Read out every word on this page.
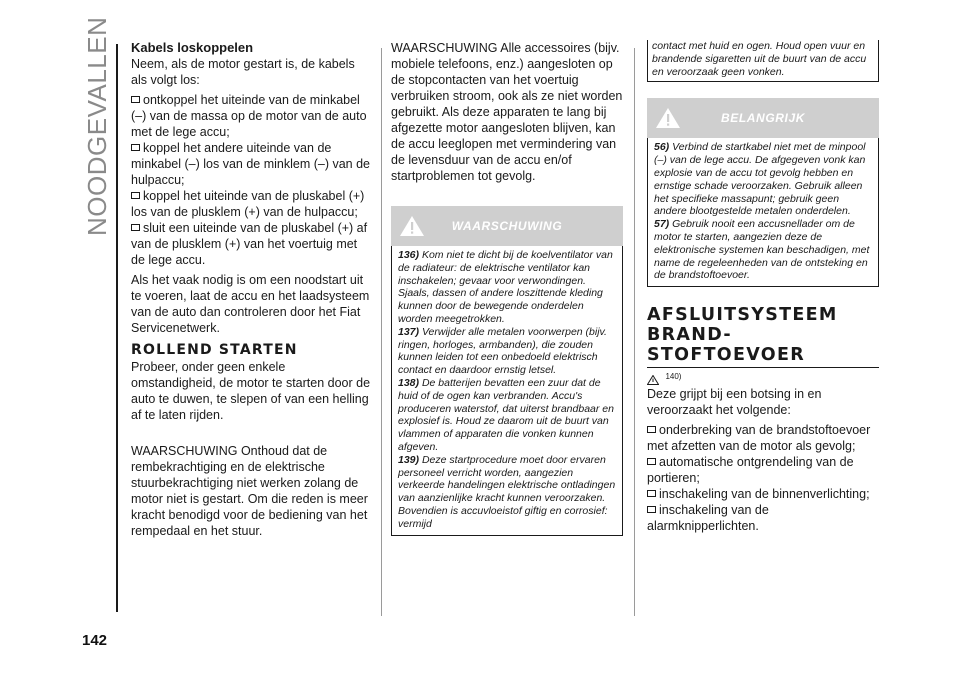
NOODGEVALLEN
142
Kabels loskoppelen
Neem, als de motor gestart is, de kabels als volgt los:
ontkoppel het uiteinde van de minkabel (–) van de massa op de motor van de auto met de lege accu;
koppel het andere uiteinde van de minkabel (–) los van de minklem (–) van de hulpaccu;
koppel het uiteinde van de pluskabel (+) los van de plusklem (+) van de hulpaccu;
sluit een uiteinde van de pluskabel (+) af van de plusklem (+) van het voertuig met de lege accu.
Als het vaak nodig is om een noodstart uit te voeren, laat de accu en het laadsysteem van de auto dan controleren door het Fiat Servicenetwerk.
ROLLEND STARTEN
Probeer, onder geen enkele omstandigheid, de motor te starten door de auto te duwen, te slepen of van een helling af te laten rijden.
WAARSCHUWING Onthoud dat de rembekrachtiging en de elektrische stuurbekrachtiging niet werken zolang de motor niet is gestart. Om die reden is meer kracht benodigd voor de bediening van het rempedaal en het stuur.
WAARSCHUWING Alle accessoires (bijv. mobiele telefoons, enz.) aangesloten op de stopcontacten van het voertuig verbruiken stroom, ook als ze niet worden gebruikt. Als deze apparaten te lang bij afgezette motor aangesloten blijven, kan de accu leeglopen met vermindering van de levensduur van de accu en/of startproblemen tot gevolg.
WAARSCHUWING
136) Kom niet te dicht bij de koelventilator van de radiateur: de elektrische ventilator kan inschakelen; gevaar voor verwondingen. Sjaals, dassen of andere loszittende kleding kunnen door de bewegende onderdelen worden meegetrokken.
137) Verwijder alle metalen voorwerpen (bijv. ringen, horloges, armbanden), die zouden kunnen leiden tot een onbedoeld elektrisch contact en daardoor ernstig letsel.
138) De batterijen bevatten een zuur dat de huid of de ogen kan verbranden. Accu's produceren waterstof, dat uiterst brandbaar en explosief is. Houd ze daarom uit de buurt van vlammen of apparaten die vonken kunnen afgeven.
139) Deze startprocedure moet door ervaren personeel verricht worden, aangezien verkeerde handelingen elektrische ontladingen van aanzienlijke kracht kunnen veroorzaken. Bovendien is accuvloeistof giftig en corrosief: vermijd
contact met huid en ogen. Houd open vuur en brandende sigaretten uit de buurt van de accu en veroorzaak geen vonken.
BELANGRIJK
56) Verbind de startkabel niet met de minpool (–) van de lege accu. De afgegeven vonk kan explosie van de accu tot gevolg hebben en ernstige schade veroorzaken. Gebruik alleen het specifieke massapunt; gebruik geen andere blootgestelde metalen onderdelen.
57) Gebruik nooit een accusnellader om de motor te starten, aangezien deze de elektronische systemen kan beschadigen, met name de regeleenheden van de ontsteking en de brandstoftoevoer.
AFSLUITSYSTEEM
BRAND-
STOFTOEVOER
$^{140)}$
Deze grijpt bij een botsing in en veroorzaakt het volgende:
onderbreking van de brandstoftoevoer met afzetten van de motor als gevolg;
automatische ontgrendeling van de portieren;
inschakeling van de binnenverlichting;
inschakeling van de alarmknipperlichten.
